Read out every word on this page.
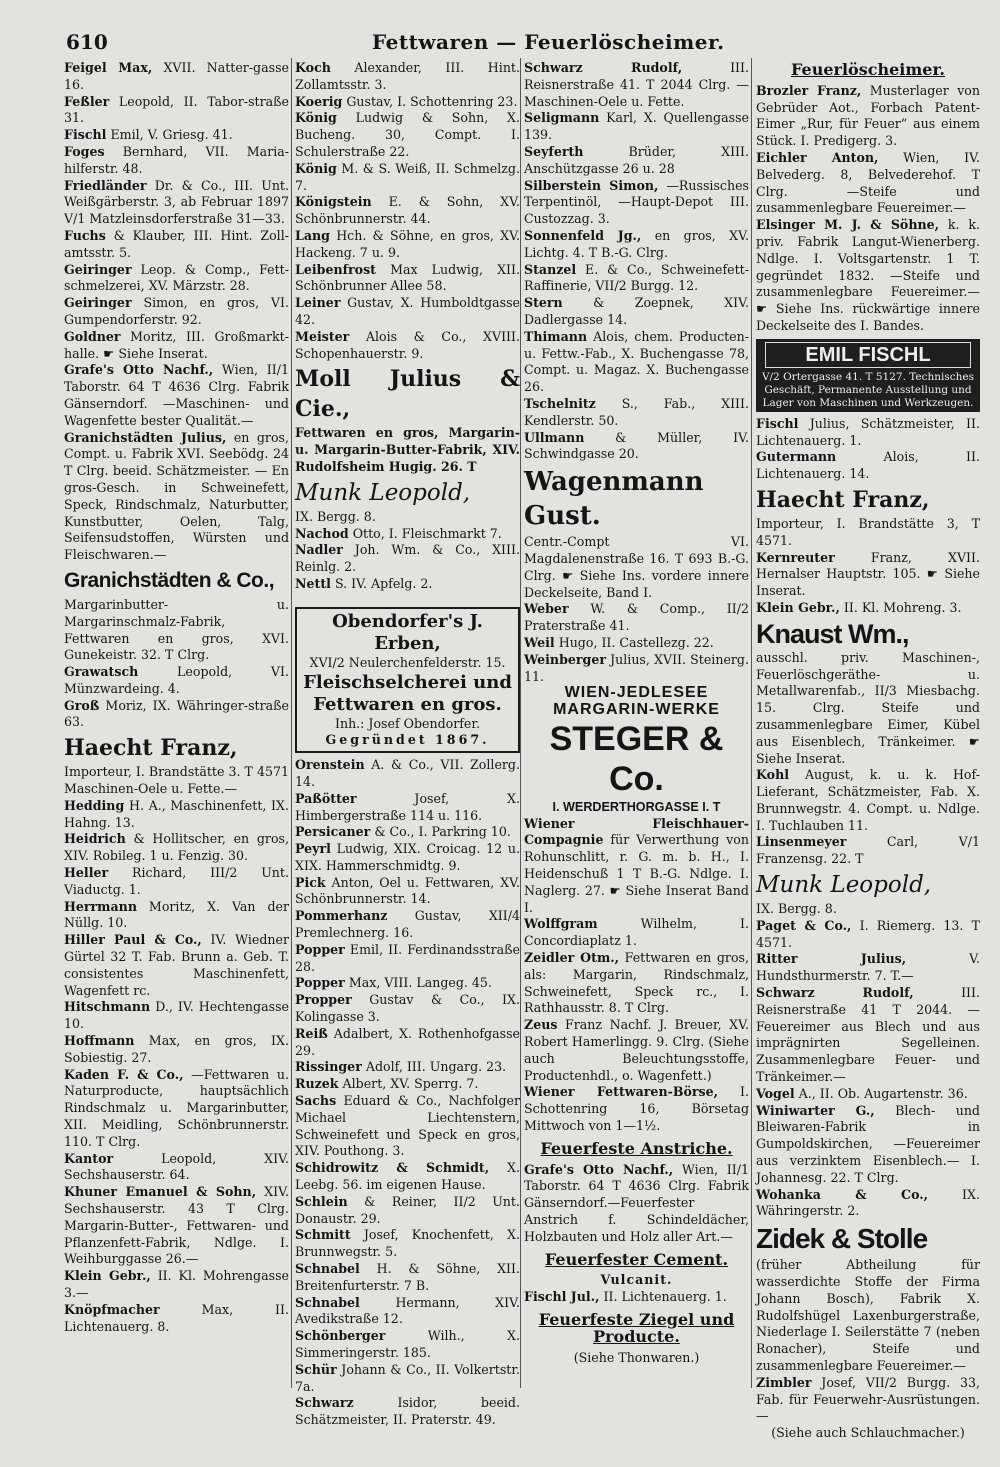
610	Fettwaren — Feuerlöscheimer.

Feigel Max, XVII. Natter-gasse 16.

Feßler Leopold, II. Tabor-straße 31.

Fischl Emil, V. Griesg. 41.

Foges Bernhard, VII. Maria-hilferstr. 48.

Friedländer Dr. & Co., III. Unt. Weißgärberstr. 3, ab Februar 1897 V/1 Matzleinsdorferstraße 31—33.

Fuchs & Klauber, III. Hint. Zoll-amtsstr. 5.

Geiringer Leop. & Comp., Fett-schmelzerei, XV. Märzstr. 28.

Geiringer Simon, en gros, VI. Gumpendorferstr. 92.

Goldner Moritz, III. Großmarkt-halle. ☛ Siehe Inserat.

Grafe's Otto Nachf., Wien, II/1 Taborstr. 64 T 4636 Clrg. Fabrik Gänserndorf. —Maschinen- und Wagenfette bester Qualität.—

Granichstädten Julius, en gros, Compt. u. Fabrik XVI. Seebödg. 24 T Clrg. beeid. Schätzmeister. — En gros-Gesch. in Schweinefett, Speck, Rindschmalz, Naturbutter, Kunstbutter, Oelen, Talg, Seifensudstoffen, Würsten und Fleischwaren.—

Granichstädten & Co.,

Margarinbutter- u. Margarinschmalz-Fabrik, Fettwaren en gros, XVI. Gunekeistr. 32. T Clrg.

Grawatsch	Leopold, VI. Münzwardeing. 4.

Groß Moriz, IX. Währinger-straße 63.

Haecht Franz,

Importeur, I. Brandstätte 3. T 4571 Maschinen-Oele u. Fette.—

Hedding H. A., Maschinenfett, IX. Hahng. 13.

Heidrich & Hollitscher, en gros, XIV. Robileg. 1 u. Fenzig. 30.

Heller Richard, III/2 Unt. Viaductg. 1.

Herrmann Moritz, X. Van der Nüllg. 10.

Hiller Paul & Co., IV. Wiedner Gürtel 32 T. Fab. Brunn a. Geb. T. consistentes Maschinenfett, Wagenfett rc.

Hitschmann D., IV. Hechtengasse 10.

Hoffmann Max, en gros, IX. Sobiestig. 27.

Kaden F. & Co., —Fettwaren u. Naturproducte, hauptsächlich Rindschmalz u. Margarinbutter, XII. Meidling, Schönbrunnerstr. 110. T Clrg.

Kantor	Leopold, XIV. Sechshauserstr. 64.

Khuner Emanuel & Sohn, XIV. Sechshauserstr. 43 T Clrg. Margarin-Butter-, Fettwaren- und Pflanzenfett-Fabrik, Ndlge. I. Weihburggasse 26.—

Klein Gebr., II. Kl. Mohrengasse 3.—

Knöpfmacher	Max, II. Lichtenauerg. 8.

Koch Alexander, III. Hint. Zollamtsstr. 3.

Koerig Gustav, I. Schottenring 23.

König Ludwig & Sohn, X. Bucheng. 30, Compt. I. Schulerstraße 22.

König M. & S. Weiß, II. Schmelzg. 7.

Königstein E. & Sohn, XV. Schönbrunnerstr. 44.

Lang Hch. & Söhne, en gros, XV. Hackeng. 7 u. 9.

Leibenfrost Max Ludwig, XII. Schönbrunner Allee 58.

Leiner Gustav, X. Humboldtgasse 42.

Meister Alois & Co., XVIII. Schopenhauerstr. 9.

Moll Julius & Cie.,
Fettwaren en gros, Margarin- u. Margarin-Butter-Fabrik, XIV. Rudolfsheim Hugig. 26. T
Munk Leopold,
IX. Bergg. 8.

Nachod Otto, I. Fleischmarkt 7.

Nadler Joh. Wm. & Co., XIII. Reinlg. 2.

Nettl S. IV. Apfelg. 2.

Obendorfer's J. Erben,
XVI/2 Neulerchenfelderstr. 15.
Fleischselcherei und
Fettwaren en gros.
Inh.: Josef Obendorfer.
Gegründet 1867.

Orenstein A. & Co., VII. Zollerg. 14.

Paßötter	Josef, X. Himbergerstraße 114 u. 116.

Persicaner & Co., I. Parkring 10.

Peyrl Ludwig, XIX. Croicag. 12 u. XIX. Hammerschmidtg. 9.

Pick Anton, Oel u. Fettwaren, XV. Schönbrunnerstr. 14.

Pommerhanz Gustav, XII/4 Premlechnerg. 16.

Popper Emil, II. Ferdinandsstraße 28.

Popper Max, VIII. Langeg. 45.

Propper Gustav & Co., IX. Kolingasse 3.

Reiß Adalbert, X. Rothenhofgasse 29.

Rissinger Adolf, III. Ungarg. 23.

Ruzek Albert, XV. Sperrg. 7.

Sachs Eduard & Co., Nachfolger Michael Liechtenstern, Schweinefett und Speck en gros, XIV. Pouthong. 3.

Schidrowitz & Schmidt, X. Leebg. 56. im eigenen Hause.

Schlein & Reiner, II/2 Unt. Donaustr. 29.

Schmitt Josef, Knochenfett, X. Brunnwegstr. 5.

Schnabel H. & Söhne, XII. Breitenfurterstr. 7 B.

Schnabel	Hermann, XIV. Avedikstraße 12.

Schönberger	Wilh., X. Simmeringerstr. 185.

Schür Johann & Co., II. Volkertstr. 7a.

Schwarz	Isidor, beeid. Schätzmeister, II. Praterstr. 49.

Schwarz Rudolf,	III. Reisnerstraße 41. T 2044 Clrg. —Maschinen-Oele u. Fette.

Seligmann Karl, X. Quellengasse 139.

Seyferth	Brüder, XIII. Anschützgasse 26 u. 28

Silberstein Simon, —Russisches Terpentinöl, —Haupt-Depot III. Custozzag. 3.

Sonnenfeld Jg., en gros, XV. Lichtg. 4. T B.-G. Clrg.

Stanzel E. & Co., Schweinefett-Raffinerie, VII/2 Burgg. 12.

Stern & Zoepnek, XIV. Dadlergasse 14.

Thimann Alois, chem. Producten- u. Fettw.-Fab., X. Buchengasse 78, Compt. u. Magaz. X. Buchengasse 26.

Tschelnitz S., Fab., XIII. Kendlerstr. 50.

Ullmann & Müller, IV. Schwindgasse 20.

Wagenmann Gust.
Centr.-Compt VI. Magdalenenstraße 16. T 693 B.-G. Clrg. ☛ Siehe Ins. vordere innere Deckelseite, Band I.

Weber W. & Comp., II/2 Praterstraße 41.

Weil Hugo, II. Castellezg. 22.

Weinberger Julius, XVII. Steinerg. 11.

WIEN-JEDLESEE
MARGARIN-WERKE
STEGER & Co.
I. WERDERTHORGASSE I. T

Wiener Fleischhauer-Compagnie für Verwerthung von Rohunschlitt, r. G. m. b. H., I. Heidenschuß 1 T B.-G. Ndlge. I. Naglerg. 27. ☛ Siehe Inserat Band I.

Wolffgram	Wilhelm, I. Concordiaplatz 1.

Zeidler Otm., Fettwaren en gros, als: Margarin, Rindschmalz, Schweinefett, Speck rc., I. Rathhausstr. 8. T Clrg.

Zeus Franz Nachf. J. Breuer, XV. Robert Hamerlingg. 9. Clrg. (Siehe auch Beleuchtungsstoffe, Productenhdl., o. Wagenfett.)

Wiener Fettwaren-Börse, I. Schottenring 16, Börsetag Mittwoch von 1—1½.

Feuerfeste Anstriche.

Grafe's Otto Nachf., Wien, II/1 Taborstr. 64 T 4636 Clrg. Fabrik Gänserndorf.—Feuerfester Anstrich f. Schindeldächer, Holzbauten und Holz aller Art.—

Feuerfester Cement.
Vulcanit.

Fischl Jul., II. Lichtenauerg. 1.

Feuerfeste Ziegel und Producte.
(Siehe Thonwaren.)
Feuerlöscheimer.

Brozler Franz, Musterlager von Gebrüder Aot., Forbach Patent-Eimer „Rur, für Feuer“ aus einem Stück. I. Predigerg. 3.

Eichler Anton, Wien, IV. Belvederg. 8, Belvederehof. T Clrg. —Steife und zusammenlegbare Feuereimer.—

Elsinger M. J. & Söhne, k. k. priv. Fabrik Langut-Wienerberg. Ndlge. I. Voltsgartenstr. 1 T. gegründet 1832. —Steife und zusammenlegbare Feuereimer.— ☛ Siehe Ins. rückwärtige innere Deckelseite des I. Bandes.

EMIL FISCHL
V/2 Ortergasse 41. T 5127. Technisches Geschäft, Permanente Ausstellung und Lager von Maschinen und Werkzeugen.

Fischl Julius, Schätzmeister, II. Lichtenauerg. 1.

Gutermann	Alois, II. Lichtenauerg. 14.

Haecht Franz,
Importeur, I. Brandstätte 3, T 4571.

Kernreuter	Franz, XVII. Hernalser Hauptstr. 105. ☛ Siehe Inserat.

Klein Gebr., II. Kl. Mohreng. 3.

Knaust Wm.,
ausschl. priv. Maschinen-, Feuerlöschgeräthe- u. Metallwarenfab., II/3 Miesbachg. 15. Clrg. Steife und zusammenlegbare Eimer, Kübel aus Eisenblech, Tränkeimer. ☛ Siehe Inserat.

Kohl August, k. u. k. Hof-Lieferant, Schätzmeister, Fab. X. Brunnwegstr. 4. Compt. u. Ndlge. I. Tuchlauben 11.

Linsenmeyer	Carl, V/1 Franzensg. 22. T

Munk Leopold,
IX. Bergg. 8.

Paget & Co., I. Riemerg. 13. T 4571.

Ritter Julius,	V. Hundsthurmerstr. 7. T.—

Schwarz Rudolf,	III. Reisnerstraße 41 T 2044. —Feuereimer aus Blech und aus imprägnirten Segelleinen. Zusammenlegbare Feuer- und Tränkeimer.—

Vogel A., II. Ob. Augartenstr. 36.

Winiwarter G., Blech- und Bleiwaren-Fabrik in Gumpoldskirchen, —Feuereimer aus verzinktem Eisenblech.— I. Johannesg. 22. T Clrg.

Wohanka & Co.,	IX. Währingerstr. 2.

Zidek & Stolle
(früher Abtheilung für wasserdichte Stoffe der Firma Johann Bosch), Fabrik X. Rudolfshügel Laxenburgerstraße, Niederlage I. Seilerstätte 7 (neben Ronacher), Steife und zusammenlegbare Feuereimer.—

Zimbler Josef, VII/2 Burgg. 33, Fab. für Feuerwehr-Ausrüstungen.—

(Siehe auch Schlauchmacher.)
